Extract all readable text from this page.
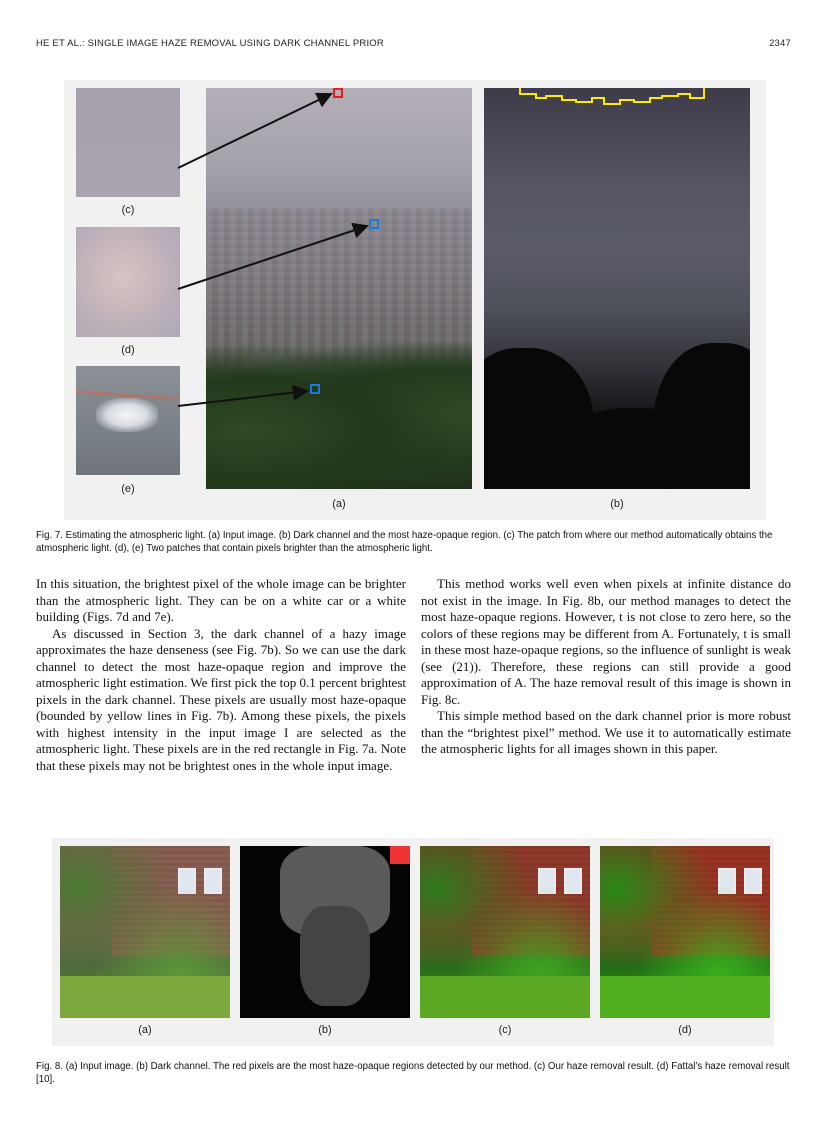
HE ET AL.: SINGLE IMAGE HAZE REMOVAL USING DARK CHANNEL PRIOR	2347
(c)
(d)
(e)
(a)	(b)
Fig. 7. Estimating the atmospheric light. (a) Input image. (b) Dark channel and the most haze-opaque region. (c) The patch from where our method automatically obtains the atmospheric light. (d), (e) Two patches that contain pixels brighter than the atmospheric light.

In this situation, the brightest pixel of the whole image can be brighter than the atmospheric light. They can be on a white car or a white building (Figs. 7d and 7e).

As discussed in Section 3, the dark channel of a hazy image approximates the haze denseness (see Fig. 7b). So we can use the dark channel to detect the most haze-opaque region and improve the atmospheric light estimation. We first pick the top 0.1 percent brightest pixels in the dark channel. These pixels are usually most haze-opaque (bounded by yellow lines in Fig. 7b). Among these pixels, the pixels with highest intensity in the input image I are selected as the atmospheric light. These pixels are in the red rectangle in Fig. 7a. Note that these pixels may not be brightest ones in the whole input image.

This method works well even when pixels at infinite distance do not exist in the image. In Fig. 8b, our method manages to detect the most haze-opaque regions. However, t is not close to zero here, so the colors of these regions may be different from A. Fortunately, t is small in these most haze-opaque regions, so the influence of sunlight is weak (see (21)). Therefore, these regions can still provide a good approximation of A. The haze removal result of this image is shown in Fig. 8c.

This simple method based on the dark channel prior is more robust than the “brightest pixel” method. We use it to automatically estimate the atmospheric lights for all images shown in this paper.

(a)	(b)	(c)	(d)
Fig. 8. (a) Input image. (b) Dark channel. The red pixels are the most haze-opaque regions detected by our method. (c) Our haze removal result. (d) Fattal’s haze removal result [10].
